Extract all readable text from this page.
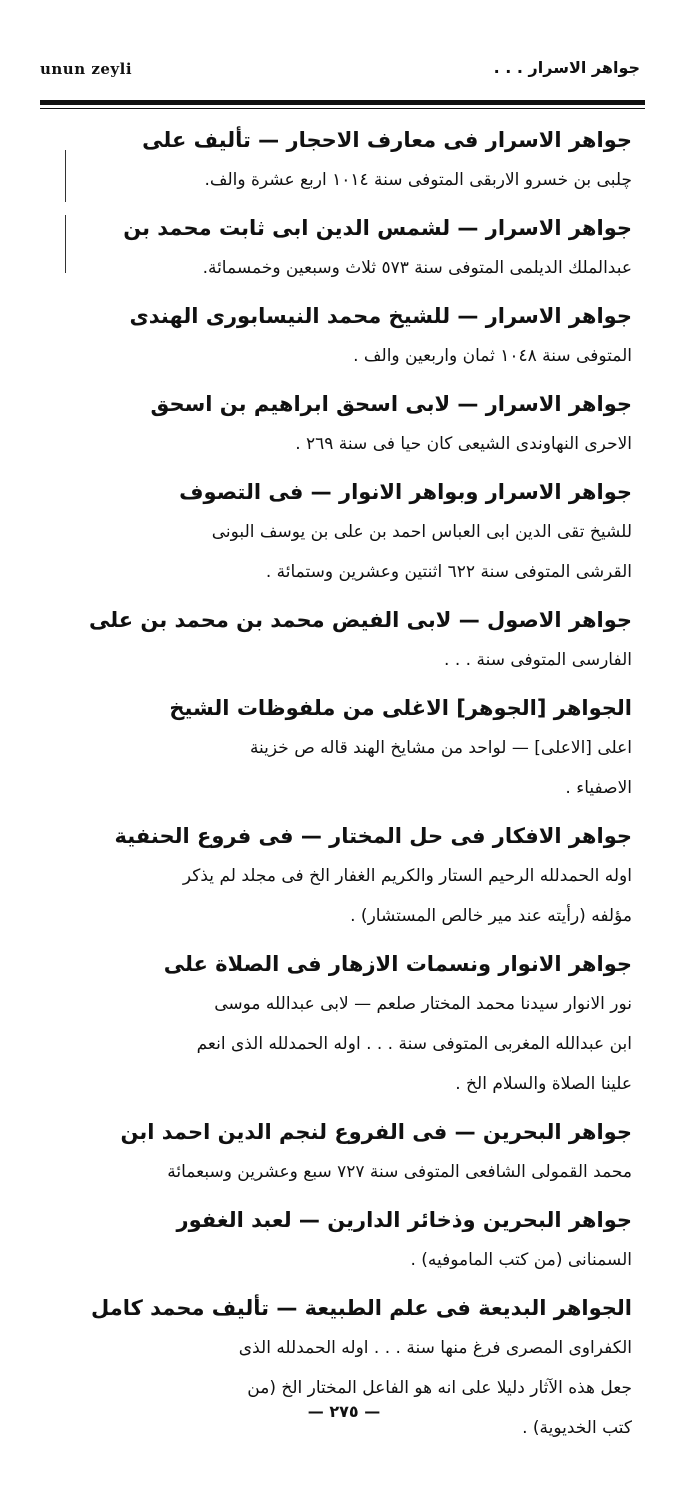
unun zeyli	جواهر الاسرار . . .
جواهر الاسرار فى معارف الاحجار — تأليف على
چلبى بن خسرو الاربقى المتوفى سنة ١٠١٤ اربع عشرة والف.
جواهر الاسرار — لشمس الدين ابى ثابت محمد بن
عبدالملك الديلمى المتوفى سنة ٥٧٣ ثلاث وسبعين وخمسمائة.
جواهر الاسرار — للشيخ محمد النيسابورى الهندى
المتوفى سنة ١٠٤٨ ثمان واربعين والف .
جواهر الاسرار — لابى اسحق ابراهيم بن اسحق
الاحرى النهاوندى الشيعى كان حيا فى سنة ٢٦٩ .
جواهر الاسرار وبواهر الانوار — فى التصوف
للشيخ تقى الدين ابى العباس احمد بن على بن يوسف البونى
القرشى المتوفى سنة ٦٢٢ اثنتين وعشرين وستمائة .
جواهر الاصول — لابى الفيض محمد بن محمد بن على
الفارسى المتوفى سنة . . .
الجواهر [الجوهر] الاغلى من ملفوظات الشيخ
اعلى [الاعلى] — لواحد من مشايخ الهند قاله ص خزينة
الاصفياء .
جواهر الافكار فى حل المختار — فى فروع الحنفية
اوله الحمدلله الرحيم الستار والكريم الغفار الخ فى مجلد لم يذكر
مؤلفه (رأيته عند مير خالص المستشار) .
جواهر الانوار ونسمات الازهار فى الصلاة على
نور الانوار سيدنا محمد المختار صلعم — لابى عبدالله موسى
ابن عبدالله المغربى المتوفى سنة . . . اوله الحمدلله الذى انعم
علينا الصلاة والسلام الخ .
جواهر البحرين — فى الفروع لنجم الدين احمد ابن
محمد القمولى الشافعى المتوفى سنة ٧٢٧ سبع وعشرين وسبعمائة
جواهر البحرين وذخائر الدارين — لعبد الغفور
السمنانى (من كتب الماموفيه) .
الجواهر البديعة فى علم الطبيعة — تأليف محمد كامل
الكفراوى المصرى فرغ منها سنة . . . اوله الحمدلله الذى
جعل هذه الآثار دليلا على انه هو الفاعل المختار الخ (من
كتب الخديوية) .
— ٢٧٥ —
